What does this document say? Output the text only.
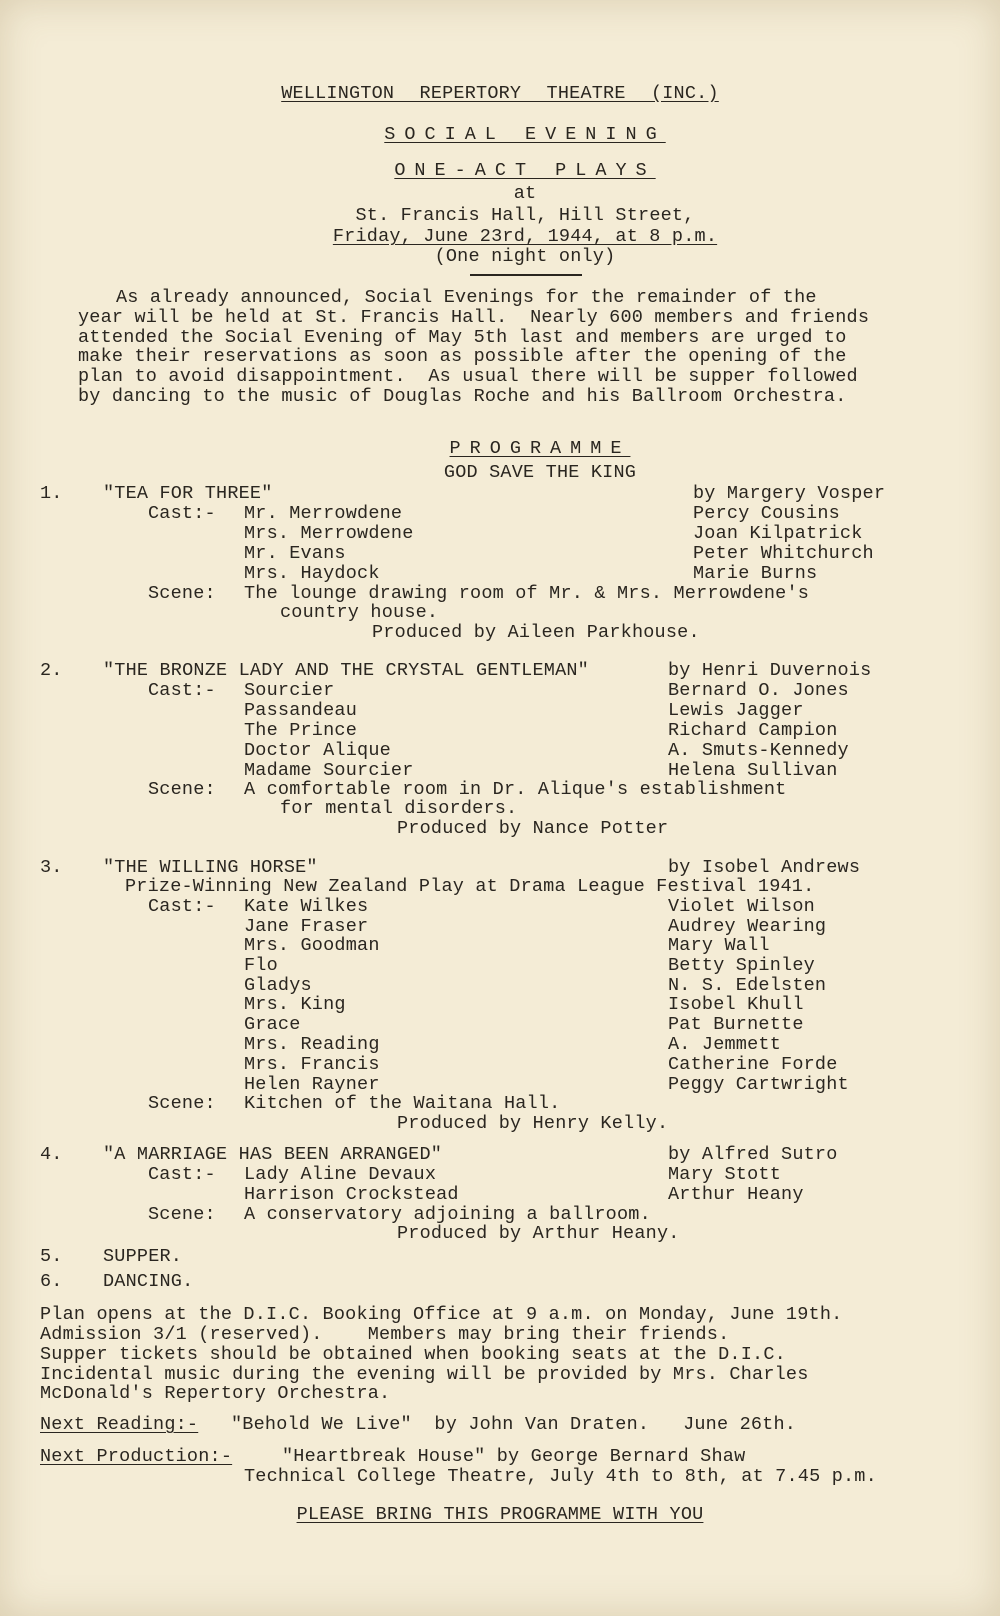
WELLINGTON REPERTORY THEATRE (INC.)
SOCIAL EVENING
ONE-ACT PLAYS
at
St. Francis Hall, Hill Street,
Friday, June 23rd, 1944, at 8 p.m.
(One night only)
As already announced, Social Evenings for the remainder of the
year will be held at St. Francis Hall.  Nearly 600 members and friends
attended the Social Evening of May 5th last and members are urged to
make their reservations as soon as possible after the opening of the
plan to avoid disappointment.  As usual there will be supper followed
by dancing to the music of Douglas Roche and his Ballroom Orchestra.
PROGRAMME
GOD SAVE THE KING
1. "TEA FOR THREE"	by Margery Vosper
Cast:- Mr. Merrowdene	Percy Cousins
Mrs. Merrowdene	Joan Kilpatrick
Mr. Evans	Peter Whitchurch
Mrs. Haydock	Marie Burns
Scene: The lounge drawing room of Mr. & Mrs. Merrowdene's
country house.
Produced by Aileen Parkhouse.
2. "THE BRONZE LADY AND THE CRYSTAL GENTLEMAN"	by Henri Duvernois
Cast:- Sourcier	Bernard O. Jones
Passandeau	Lewis Jagger
The Prince	Richard Campion
Doctor Alique	A. Smuts-Kennedy
Madame Sourcier	Helena Sullivan
Scene: A comfortable room in Dr. Alique's establishment
for mental disorders.
Produced by Nance Potter
3. "THE WILLING HORSE"	by Isobel Andrews
Prize-Winning New Zealand Play at Drama League Festival 1941.
Cast:- Kate Wilkes	Violet Wilson
Jane Fraser	Audrey Wearing
Mrs. Goodman	Mary Wall
Flo	Betty Spinley
Gladys	N. S. Edelsten
Mrs. King	Isobel Khull
Grace	Pat Burnette
Mrs. Reading	A. Jemmett
Mrs. Francis	Catherine Forde
Helen Rayner	Peggy Cartwright
Scene: Kitchen of the Waitana Hall.
Produced by Henry Kelly.
4. "A MARRIAGE HAS BEEN ARRANGED"	by Alfred Sutro
Cast:- Lady Aline Devaux	Mary Stott
Harrison Crockstead	Arthur Heany
Scene: A conservatory adjoining a ballroom.
Produced by Arthur Heany.
5. SUPPER.
6. DANCING.
Plan opens at the D.I.C. Booking Office at 9 a.m. on Monday, June 19th.
Admission 3/1 (reserved).    Members may bring their friends.
Supper tickets should be obtained when booking seats at the D.I.C.
Incidental music during the evening will be provided by Mrs. Charles
McDonald's Repertory Orchestra.
Next Reading:- "Behold We Live"  by John Van Draten.   June 26th.
Next Production:-	"Heartbreak House" by George Bernard Shaw
Technical College Theatre, July 4th to 8th, at 7.45 p.m.
PLEASE BRING THIS PROGRAMME WITH YOU
